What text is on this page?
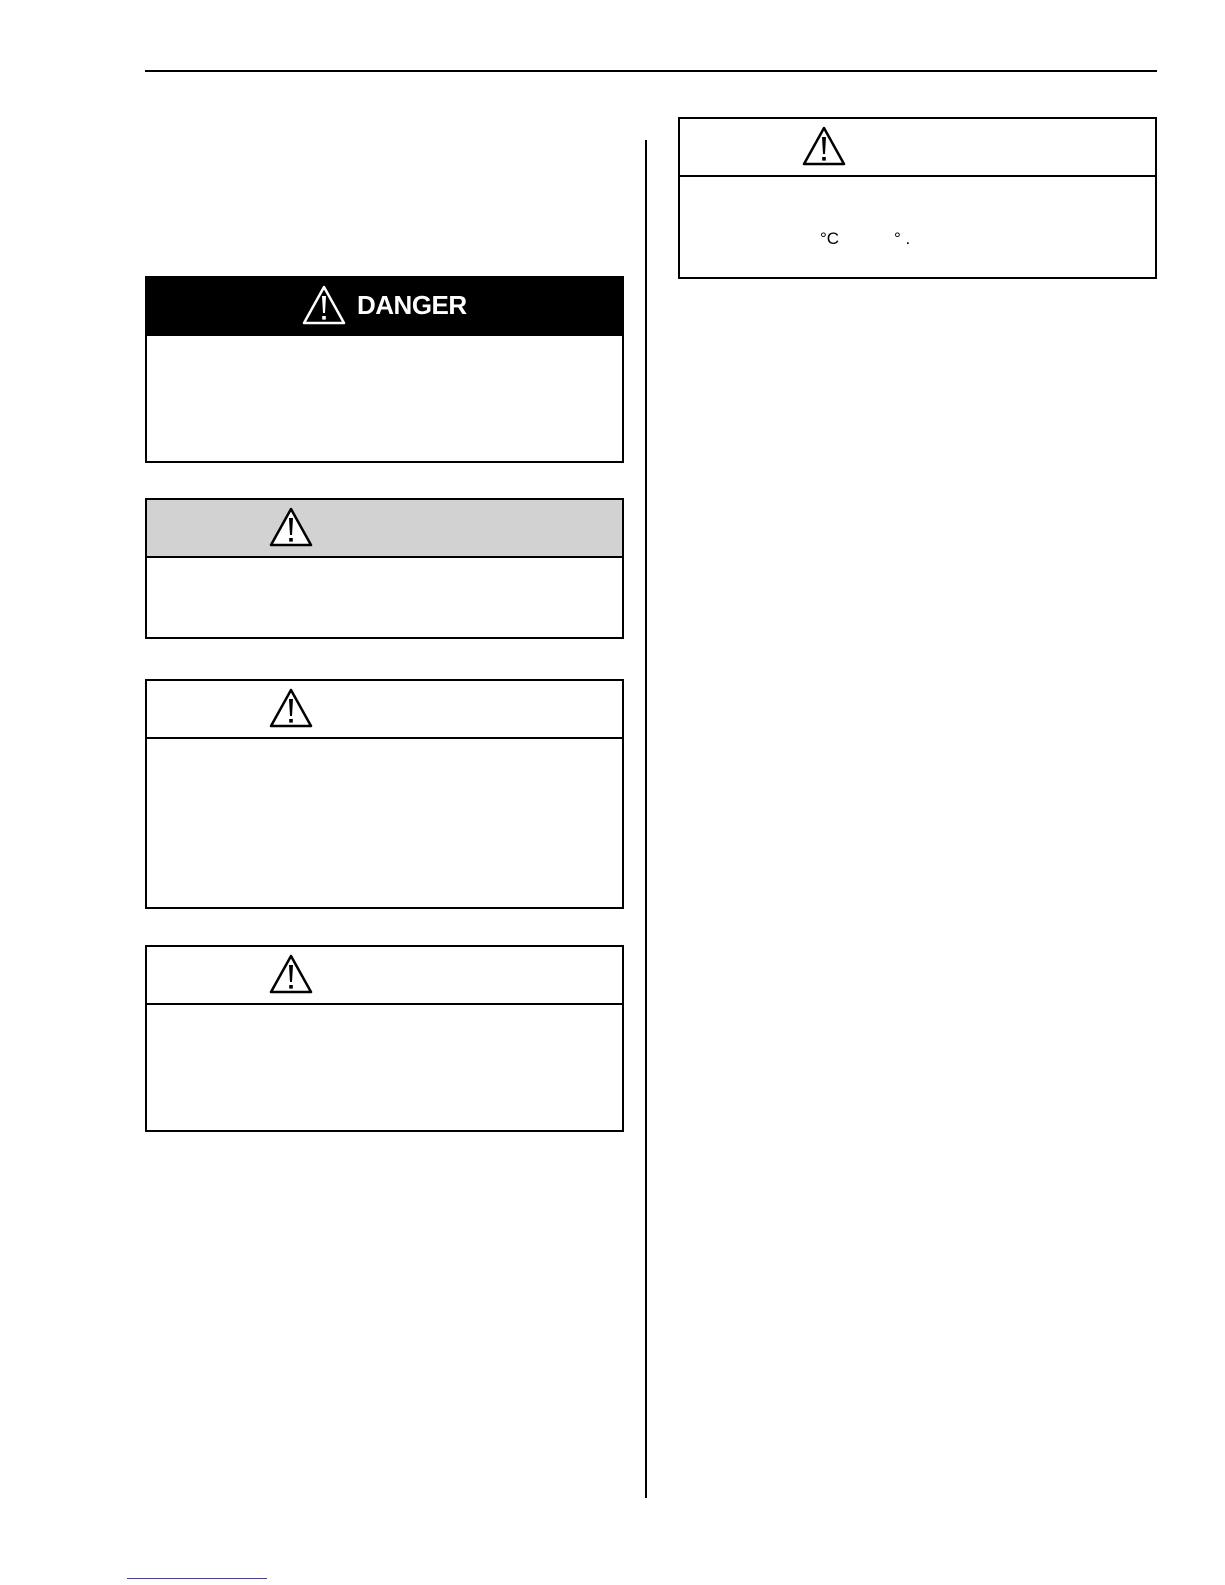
DANGER
°C	° .
